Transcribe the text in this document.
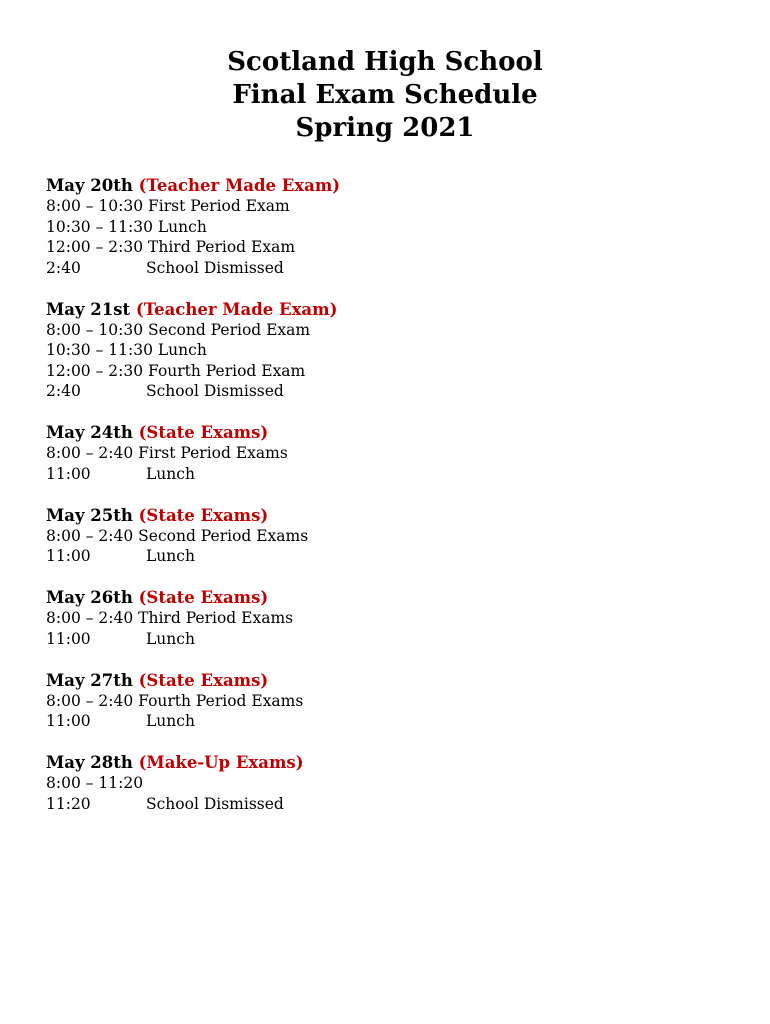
Scotland High School
Final Exam Schedule
Spring 2021
May 20th (Teacher Made Exam)
8:00 – 10:30 First Period Exam
10:30 – 11:30 Lunch
12:00 – 2:30 Third Period Exam
2:40	School Dismissed
May 21st (Teacher Made Exam)
8:00 – 10:30 Second Period Exam
10:30 – 11:30 Lunch
12:00 – 2:30 Fourth Period Exam
2:40	School Dismissed
May 24th (State Exams)
8:00 – 2:40 First Period Exams
11:00	Lunch
May 25th (State Exams)
8:00 – 2:40 Second Period Exams
11:00	Lunch
May 26th (State Exams)
8:00 – 2:40 Third Period Exams
11:00	Lunch
May 27th (State Exams)
8:00 – 2:40 Fourth Period Exams
11:00	Lunch
May 28th (Make-Up Exams)
8:00 – 11:20
11:20	School Dismissed
